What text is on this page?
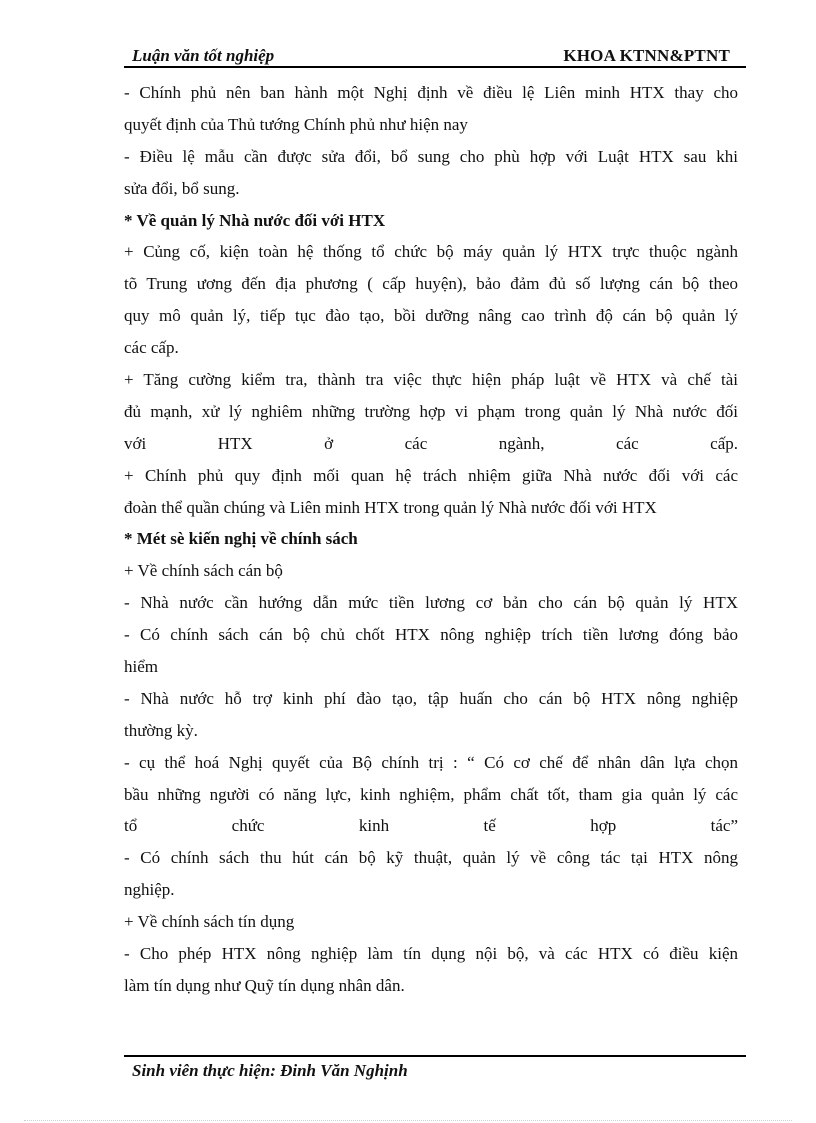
Luận văn tốt nghiệp	KHOA KTNN&PTNT
- Chính phủ nên ban hành một Nghị định về điều lệ Liên minh HTX thay cho
quyết định của Thủ tướng Chính phủ như hiện nay
- Điều lệ mẫu cần được sửa đổi, bổ sung cho phù hợp với Luật HTX sau khi
sửa đổi, bổ sung.
* Về quản lý Nhà nước đối với HTX
+ Củng cố, kiện toàn hệ thống tổ chức bộ máy quản lý HTX trực thuộc ngành
tõ Trung ương đến địa phương ( cấp huyện), bảo đảm đủ số lượng cán bộ theo
quy mô quản lý, tiếp tục đào tạo, bồi dưỡng nâng cao trình độ cán bộ quản lý
các cấp.
+ Tăng cường kiểm tra, thành tra việc thực hiện pháp luật về HTX và chế tài
đủ mạnh, xử lý nghiêm những trường hợp vi phạm trong quản lý Nhà nước đối
với HTX ở các ngành, các cấp.
+ Chính phủ quy định mối quan hệ trách nhiệm giữa Nhà nước đối với các
đoàn thể quần chúng và Liên minh HTX trong quản lý Nhà nước đối với HTX
* Mét sè kiến nghị về chính sách
+ Về chính sách cán bộ
- Nhà nước cần hướng dẫn mức tiền lương cơ bản cho cán bộ quản lý HTX
- Có chính sách cán bộ chủ chốt HTX nông nghiệp trích tiền lương đóng bảo
hiểm
- Nhà nước hỗ trợ kinh phí đào tạo, tập huấn cho cán bộ HTX nông nghiệp
thường kỳ.
- cụ thể hoá Nghị quyết của Bộ chính trị : “ Có cơ chế để nhân dân lựa chọn
bầu những người có năng lực, kinh nghiệm, phẩm chất tốt, tham gia quản lý các
tổ chức kinh tế hợp tác”
- Có chính sách thu hút cán bộ kỹ thuật, quản lý về công tác tại HTX nông
nghiệp.
+ Về chính sách tín dụng
- Cho phép HTX nông nghiệp làm tín dụng nội bộ, và các HTX có điều kiện
làm tín dụng như Quỹ tín dụng nhân dân.
Sinh viên thực hiện: Đinh Văn Nghịnh
